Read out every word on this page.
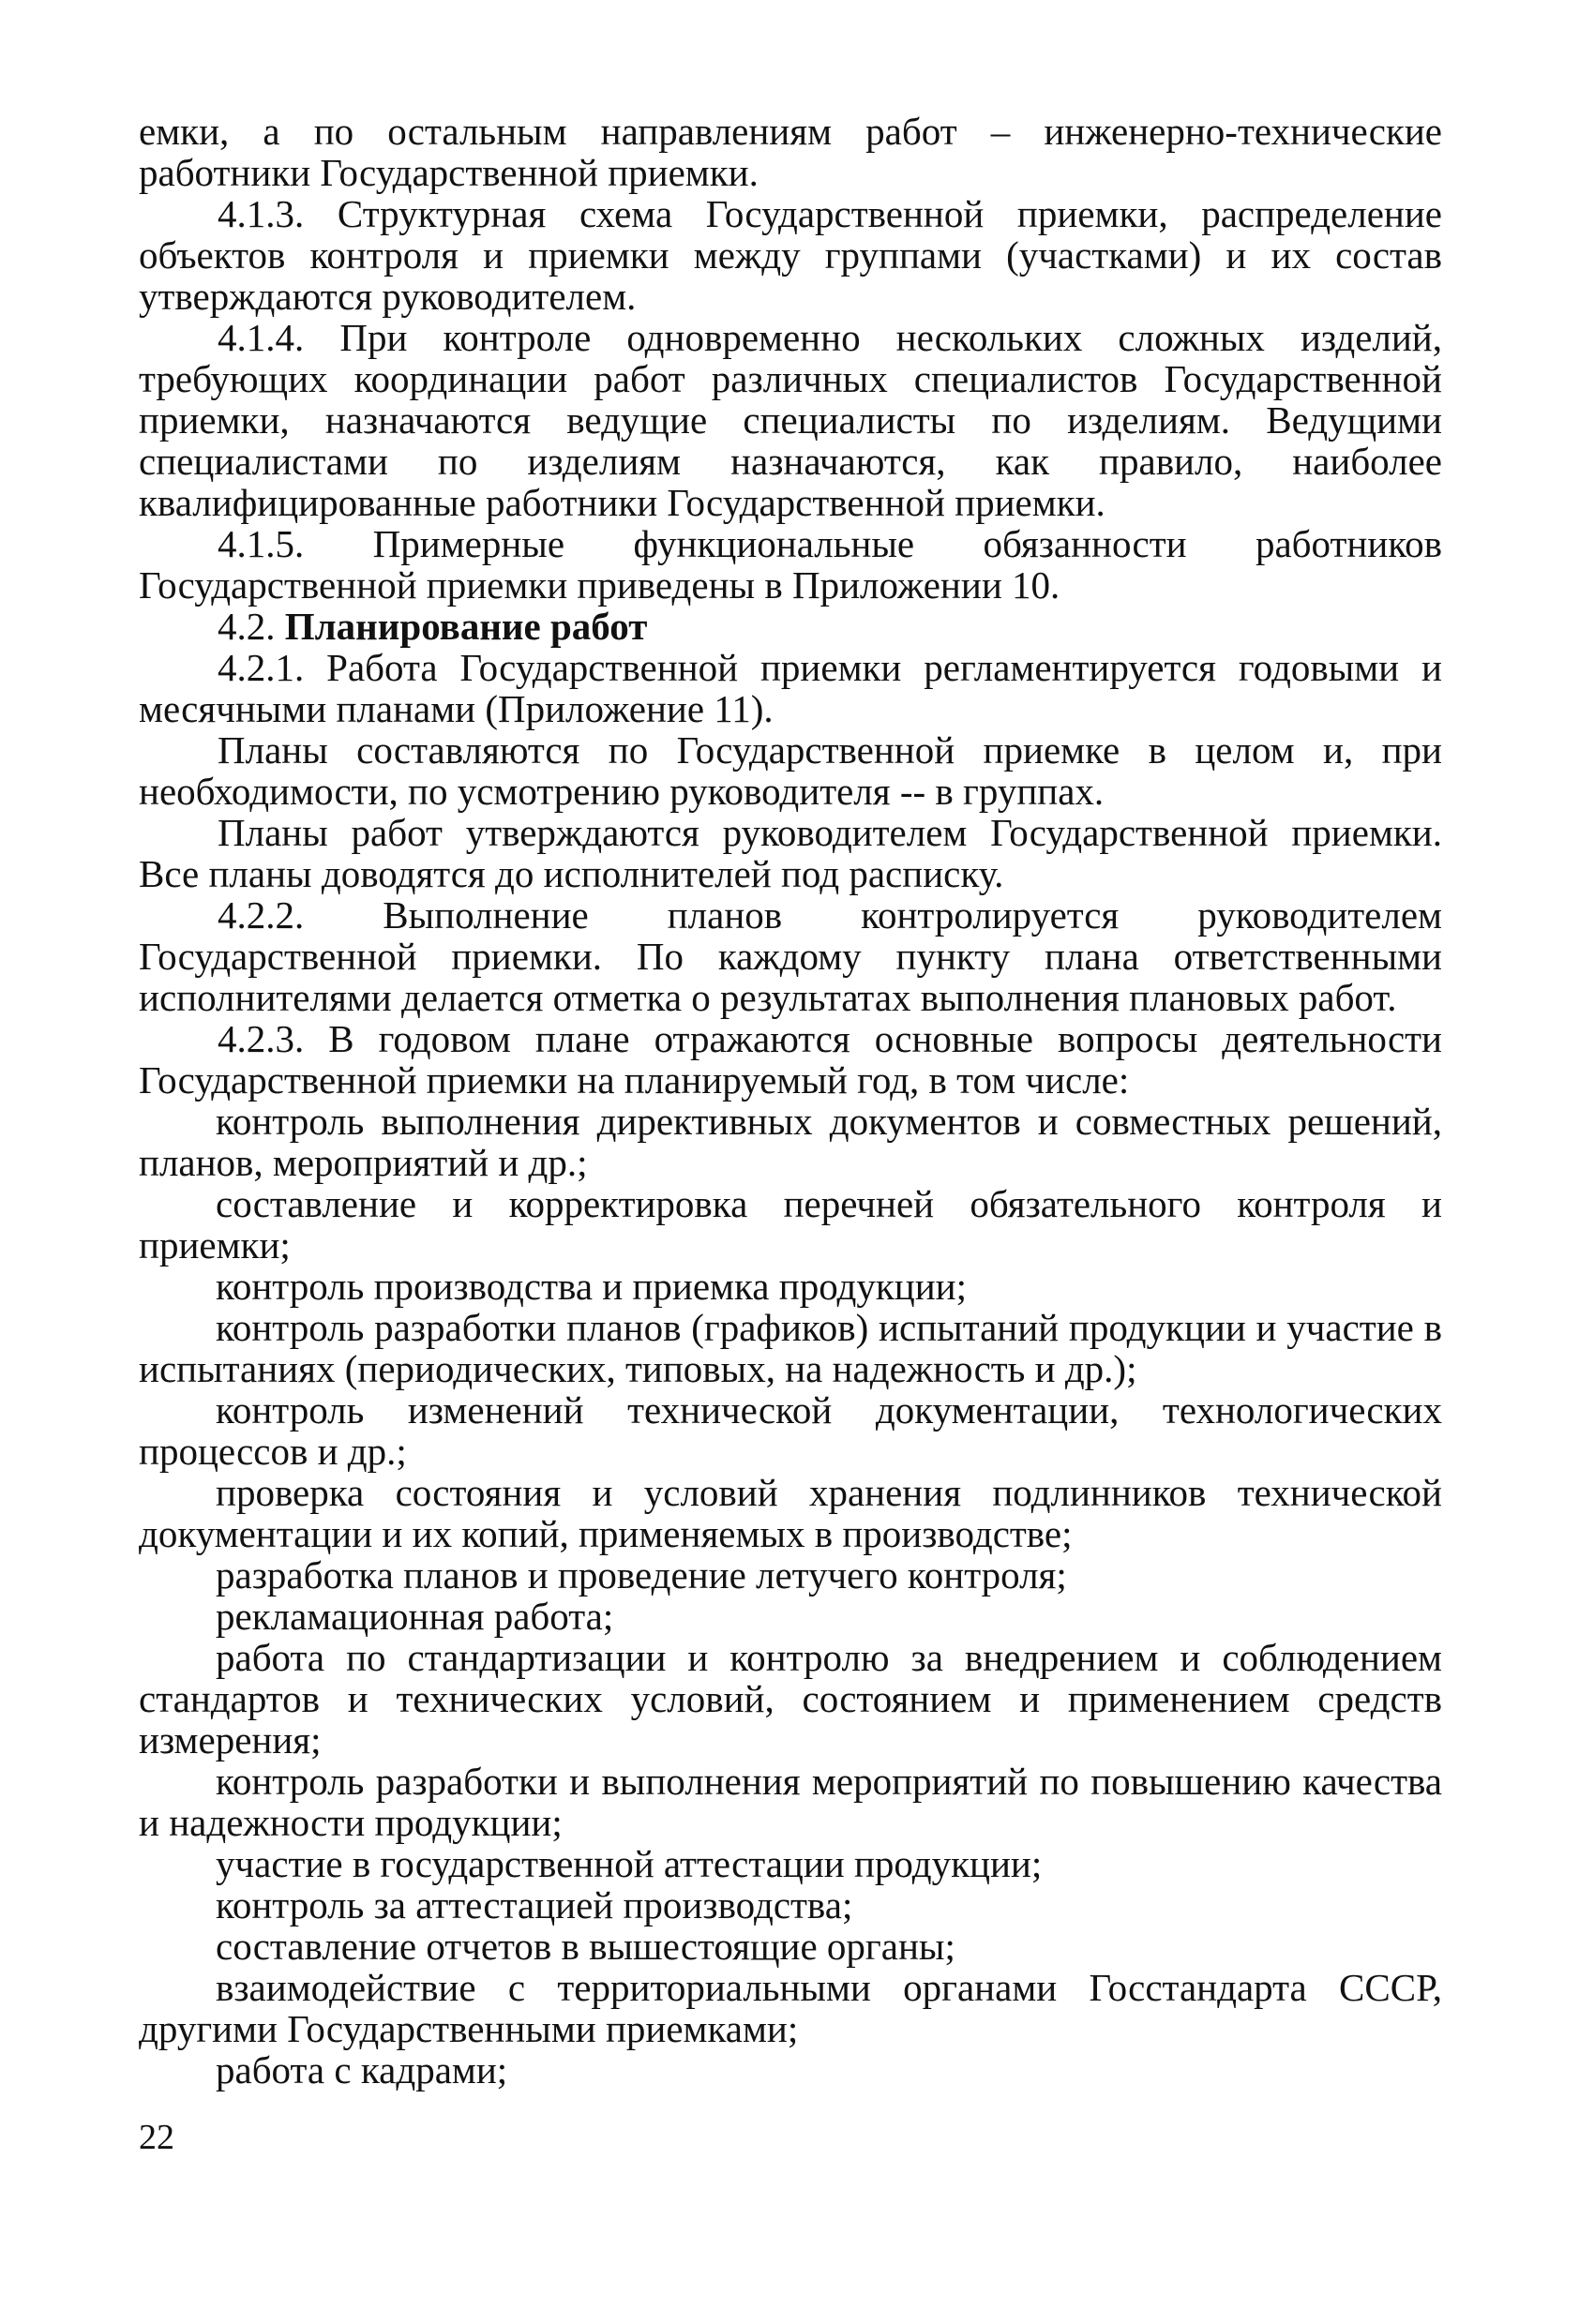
емки, а по остальным направлениям работ – инженерно-технические работники Государственной приемки.

4.1.3. Структурная схема Государственной приемки, распределение объектов контроля и приемки между группами (участками) и их состав утверждаются руководителем.

4.1.4. При контроле одновременно нескольких сложных изделий, требующих координации работ различных специалистов Государственной приемки, назначаются ведущие специалисты по изделиям. Ведущими специалистами по изделиям назначаются, как правило, наиболее квалифицированные работники Государственной приемки.

4.1.5. Примерные функциональные обязанности работников Государственной приемки приведены в Приложении 10.

4.2. Планирование работ

4.2.1. Работа Государственной приемки регламентируется годовыми и месячными планами (Приложение 11).

Планы составляются по Государственной приемке в целом и, при необходимости, по усмотрению руководителя -- в группах.

Планы работ утверждаются руководителем Государственной приемки. Все планы доводятся до исполнителей под расписку.

4.2.2. Выполнение планов контролируется руководителем Государственной приемки. По каждому пункту плана ответственными исполнителями делается отметка о результатах выполнения плановых работ.

4.2.3. В годовом плане отражаются основные вопросы деятельности Государственной приемки на планируемый год, в том числе:

контроль выполнения директивных документов и совместных решений, планов, мероприятий и др.;

составление и корректировка перечней обязательного контроля и приемки;

контроль производства и приемка продукции;

контроль разработки планов (графиков) испытаний продукции и участие в испытаниях (периодических, типовых, на надежность и др.);

контроль изменений технической документации, технологических процессов и др.;

проверка состояния и условий хранения подлинников технической документации и их копий, применяемых в производстве;

разработка планов и проведение летучего контроля;

рекламационная работа;

работа по стандартизации и контролю за внедрением и соблюдением стандартов и технических условий, состоянием и применением средств измерения;

контроль разработки и выполнения мероприятий по повышению качества и надежности продукции;

участие в государственной аттестации продукции;

контроль за аттестацией производства;

составление отчетов в вышестоящие органы;

взаимодействие с территориальными органами Госстандарта СССР, другими Государственными приемками;

работа с кадрами;

22
